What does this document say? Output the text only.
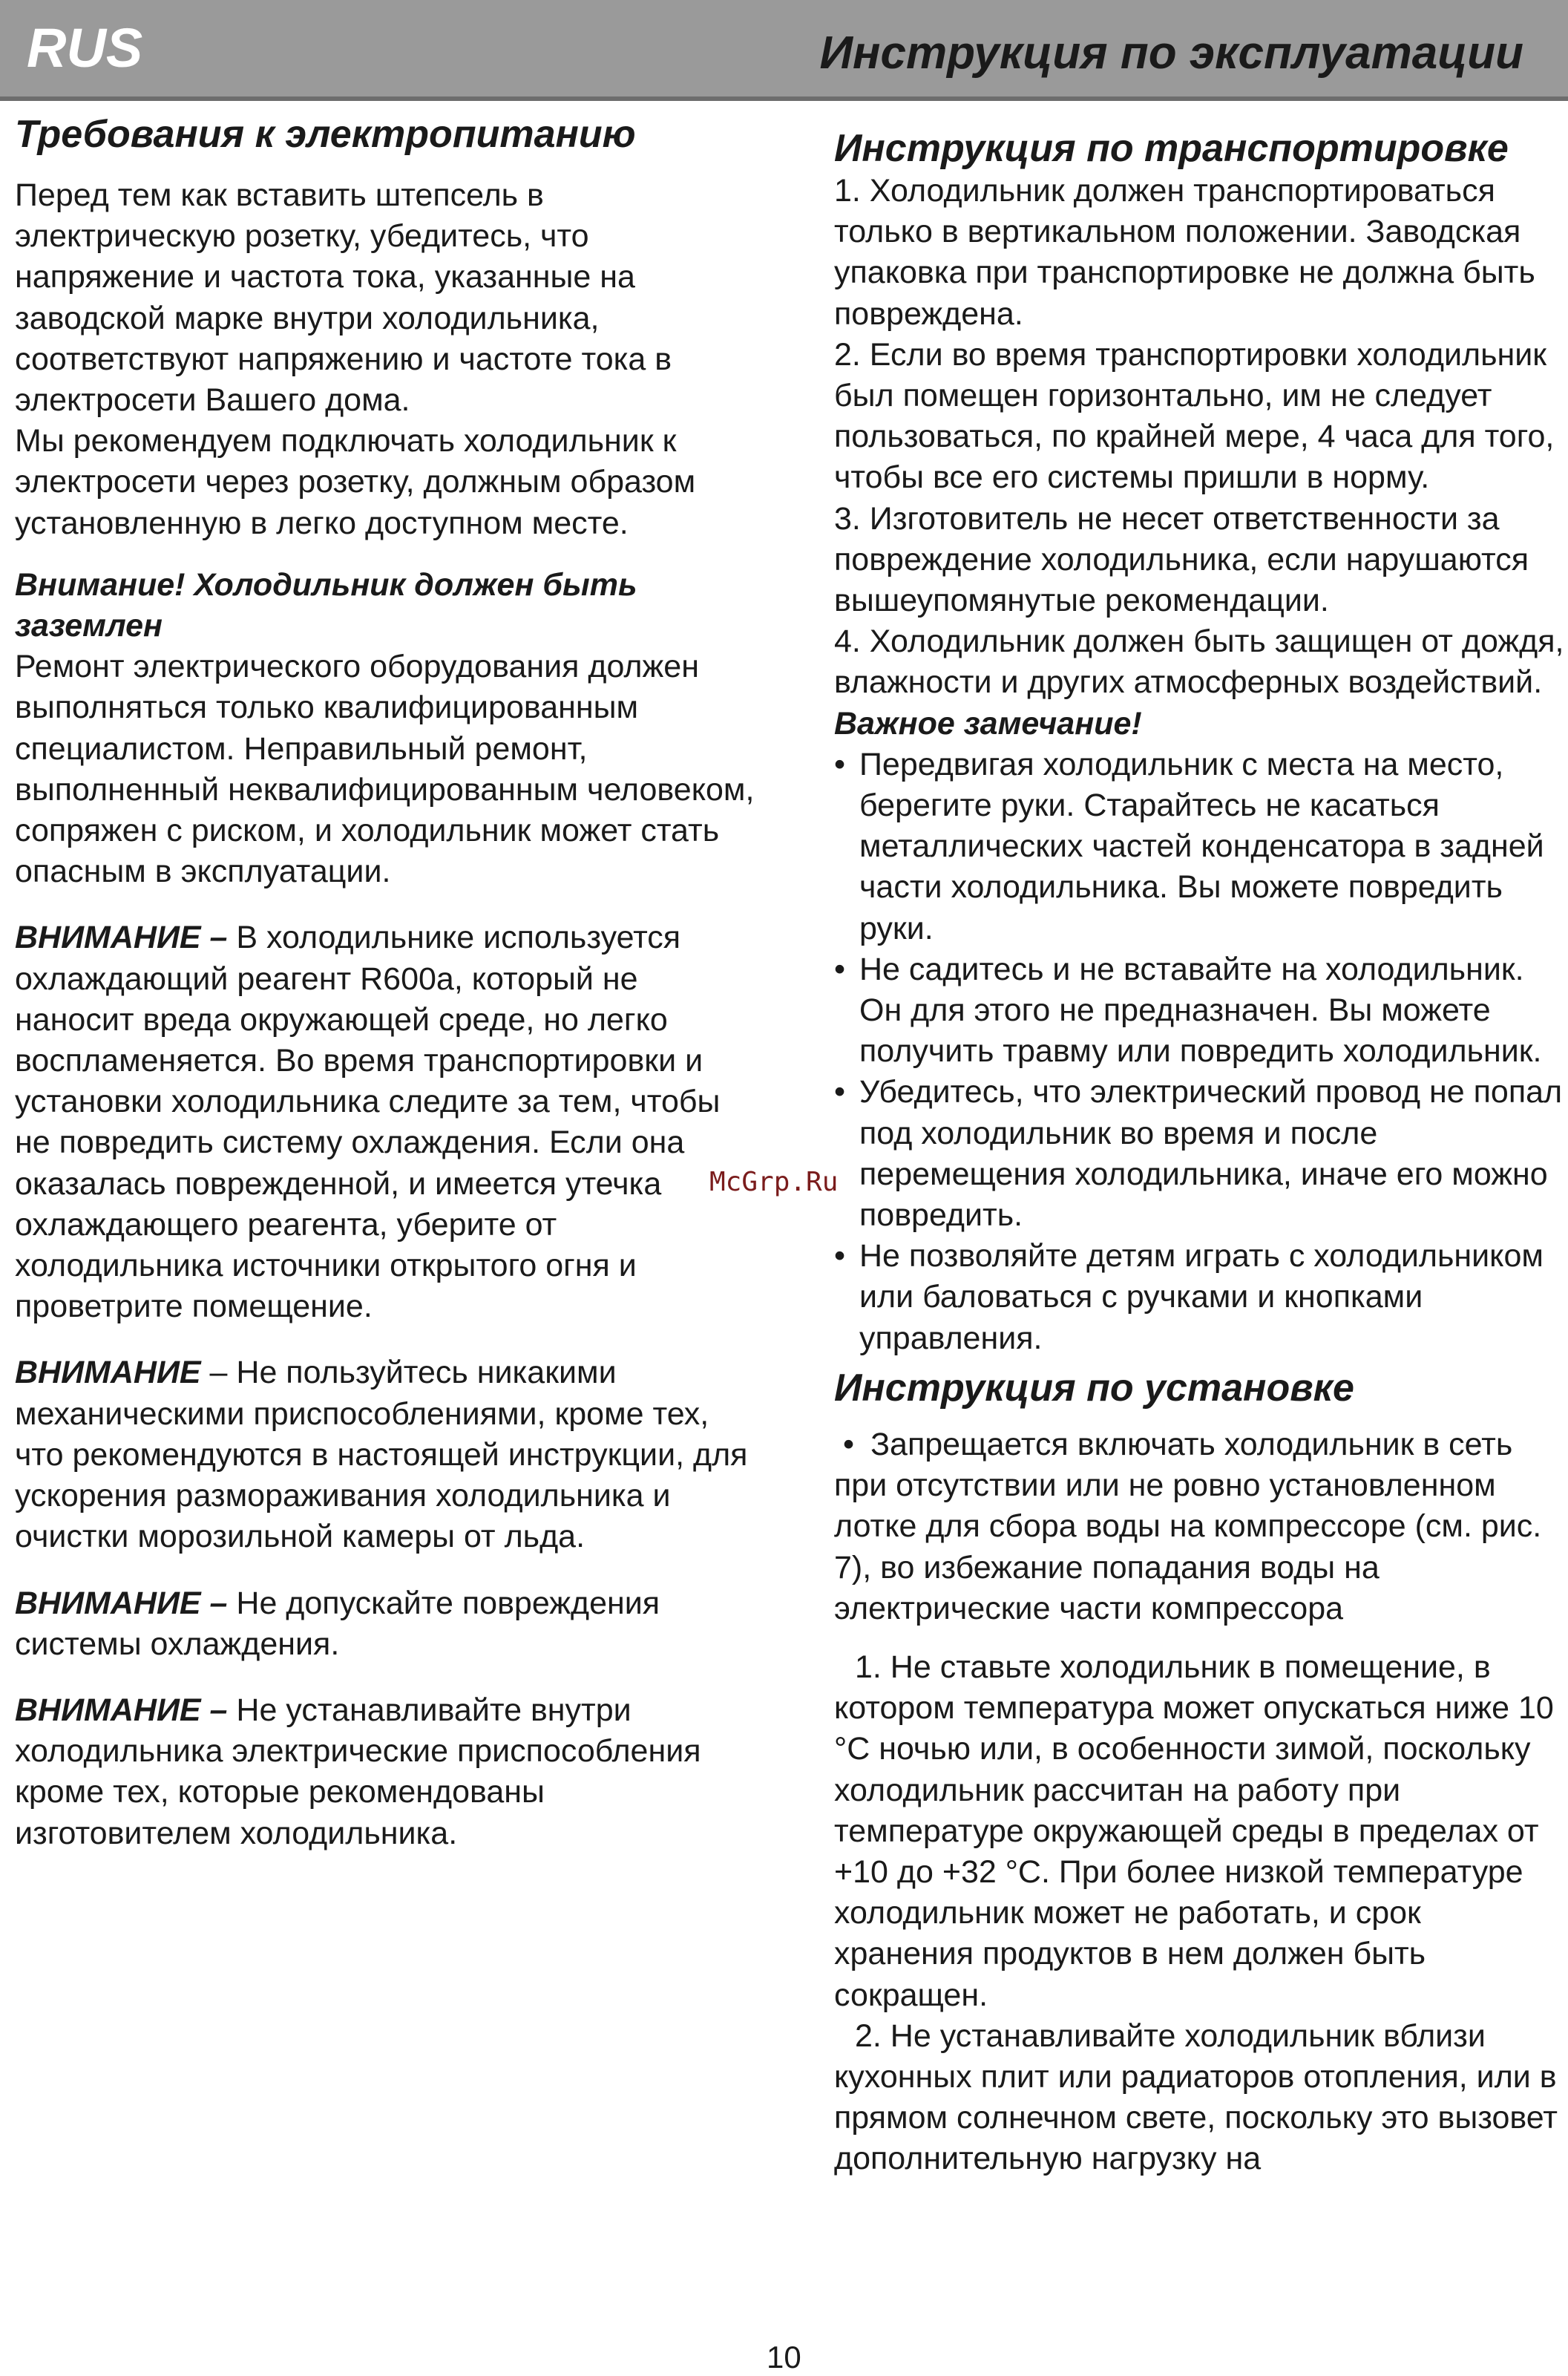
RUS	Инструкция по эксплуатации
Требования к электропитанию

Перед тем как вставить штепсель в электрическую розетку, убедитесь, что напряжение и частота тока, указанные на заводской марке внутри холодильника, соответствуют напряжению и частоте тока в электросети Вашего дома.

Мы рекомендуем подключать холодильник к электросети через розетку, должным образом установленную в легко доступном месте.

Внимание! Холодильник должен быть заземлен

Ремонт электрического оборудования должен выполняться только квалифицированным специалистом. Неправильный ремонт, выполненный неквалифицированным человеком, сопряжен с риском, и холодильник может стать опасным в эксплуатации.

ВНИМАНИЕ – В холодильнике используется охлаждающий реагент R600а, который не наносит вреда окружающей среде, но легко воспламеняется. Во время транспортировки и установки холодильника следите за тем, чтобы не повредить систему охлаждения. Если она оказалась поврежденной, и имеется утечка охлаждающего реагента, уберите от холодильника источники открытого огня и проветрите помещение.

ВНИМАНИЕ – Не пользуйтесь никакими механическими приспособлениями, кроме тех, что рекомендуются в настоящей инструкции, для ускорения размораживания холодильника и очистки морозильной камеры от льда.

ВНИМАНИЕ – Не допускайте повреждения системы охлаждения.

ВНИМАНИЕ – Не устанавливайте внутри холодильника электрические приспособления кроме тех, которые рекомендованы изготовителем холодильника.

Инструкция по транспортировке

1. Холодильник должен транспортироваться только в вертикальном положении. Заводская упаковка при транспортировке не должна быть повреждена.

2. Если во время транспортировки холодильник был помещен горизонтально, им не следует пользоваться, по крайней мере, 4 часа для того, чтобы все его системы пришли в норму.

3. Изготовитель не несет ответственности за повреждение холодильника, если нарушаются вышеупомянутые рекомендации.

4. Холодильник должен быть защищен от дождя, влажности и других атмосферных воздействий.

Важное замечание!

• Передвигая холодильник с места на место, берегите руки. Старайтесь не касаться металлических частей конденсатора в задней части холодильника. Вы можете повредить руки.

• Не садитесь и не вставайте на холодильник. Он для этого не предназначен. Вы можете получить травму или повредить холодильник.

• Убедитесь, что электрический провод не попал под холодильник во время и после перемещения холодильника, иначе его можно повредить.

• Не позволяйте детям играть с холодильником или баловаться с ручками и кнопками управления.

Инструкция по установке

• Запрещается включать холодильник в сеть при отсутствии или не ровно установленном лотке для сбора воды на компрессоре (см. рис. 7), во избежание попадания воды на электрические части компрессора

1. Не ставьте холодильник в помещение, в котором температура может опускаться ниже 10 °С ночью или, в особенности зимой, поскольку холодильник рассчитан на работу при температуре окружающей среды в пределах от +10 до +32 °С. При более низкой температуре холодильник может не работать, и срок хранения продуктов в нем должен быть сокращен.

2. Не устанавливайте холодильник вблизи кухонных плит или радиаторов отопления, или в прямом солнечном свете, поскольку это вызовет дополнительную нагрузку на

McGrp.Ru
10
